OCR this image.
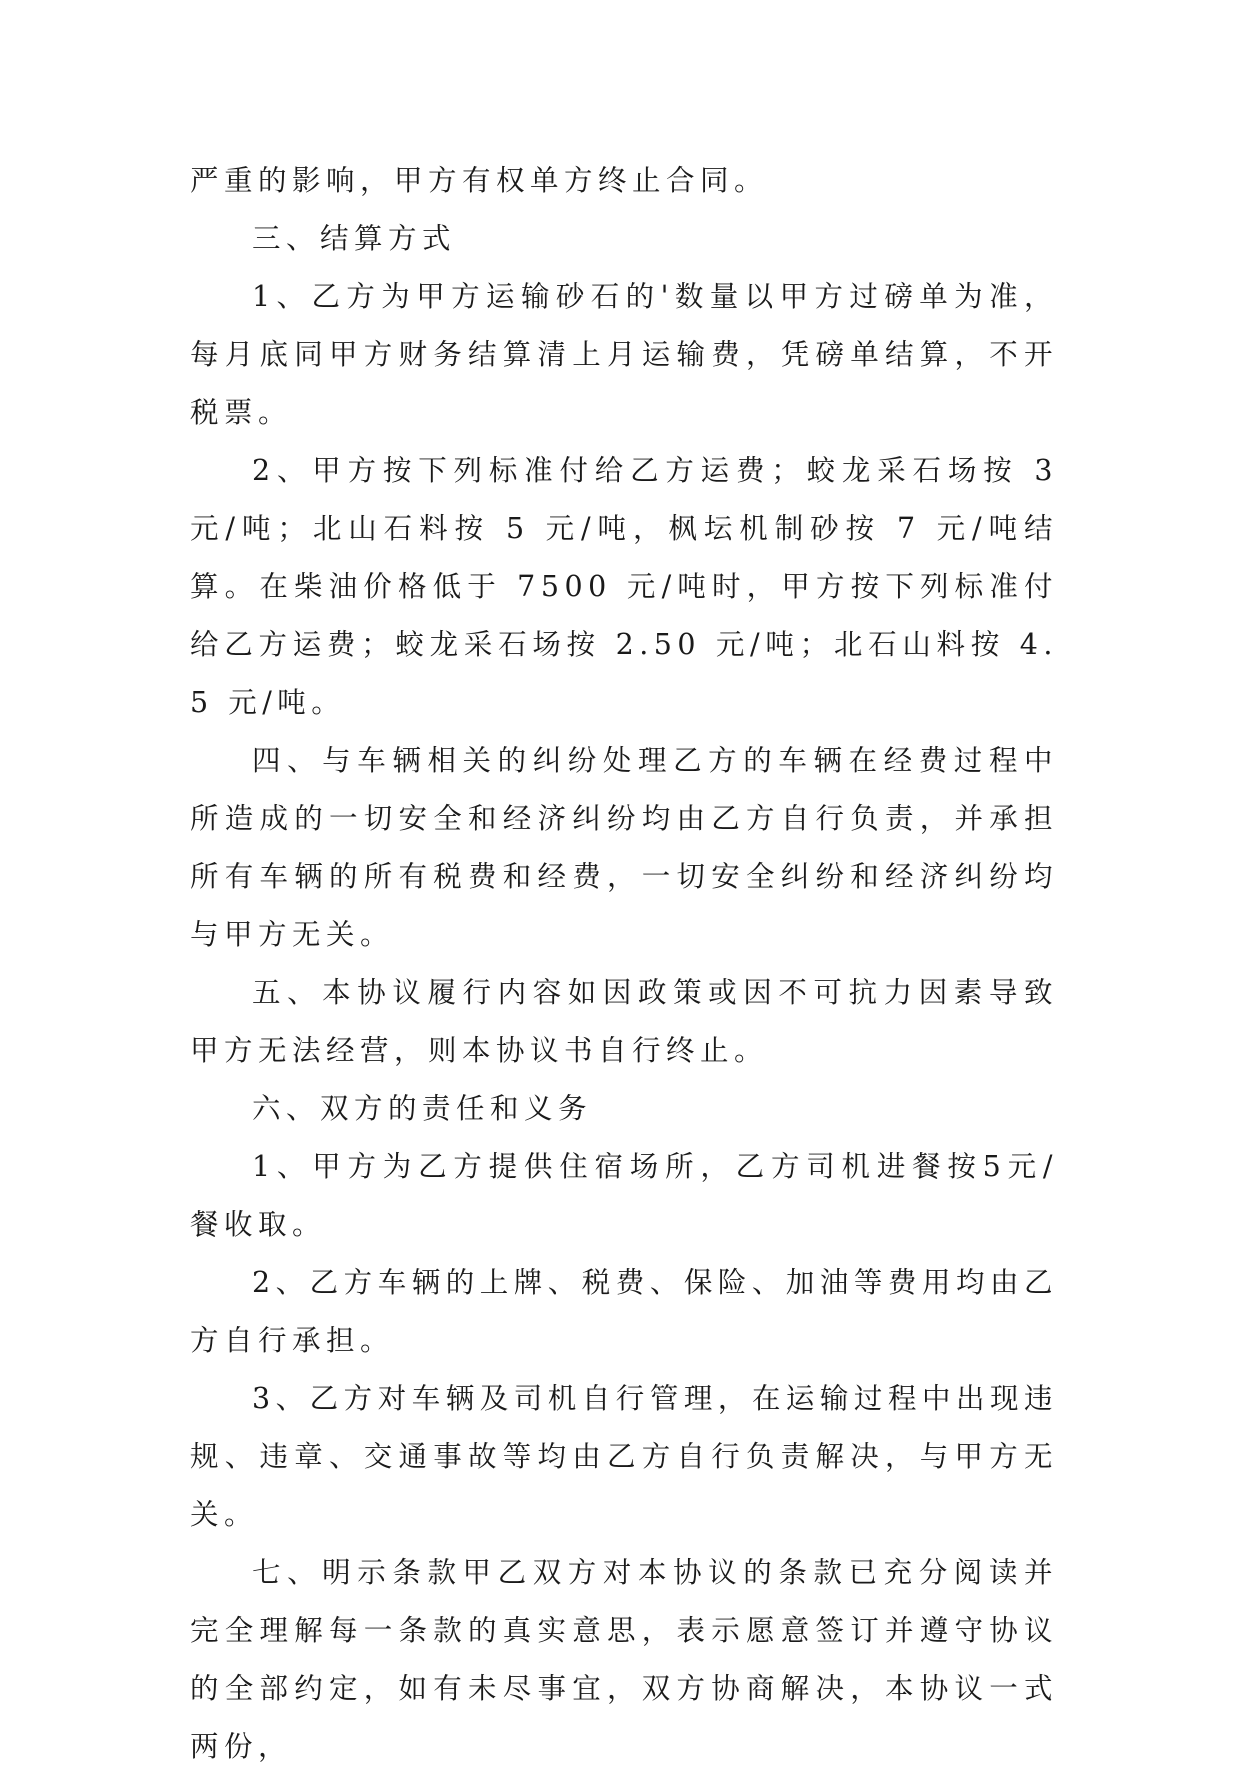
严重的影响，甲方有权单方终止合同。

三、结算方式

1、乙方为甲方运输砂石的'数量以甲方过磅单为准，每月底同甲方财务结算清上月运输费，凭磅单结算，不开税票。

2、甲方按下列标准付给乙方运费；蛟龙采石场按 3 元/吨；北山石料按 5 元/吨，枫坛机制砂按 7 元/吨结算。在柴油价格低于 7500 元/吨时，甲方按下列标准付给乙方运费；蛟龙采石场按 2.50 元/吨；北石山料按 4.5 元/吨。

四、与车辆相关的纠纷处理乙方的车辆在经费过程中所造成的一切安全和经济纠纷均由乙方自行负责，并承担所有车辆的所有税费和经费，一切安全纠纷和经济纠纷均与甲方无关。

五、本协议履行内容如因政策或因不可抗力因素导致甲方无法经营，则本协议书自行终止。

六、双方的责任和义务

1、甲方为乙方提供住宿场所，乙方司机进餐按5元/餐收取。

2、乙方车辆的上牌、税费、保险、加油等费用均由乙方自行承担。

3、乙方对车辆及司机自行管理，在运输过程中出现违规、违章、交通事故等均由乙方自行负责解决，与甲方无关。

七、明示条款甲乙双方对本协议的条款已充分阅读并完全理解每一条款的真实意思，表示愿意签订并遵守协议的全部约定，如有未尽事宜，双方协商解决，本协议一式两份，
